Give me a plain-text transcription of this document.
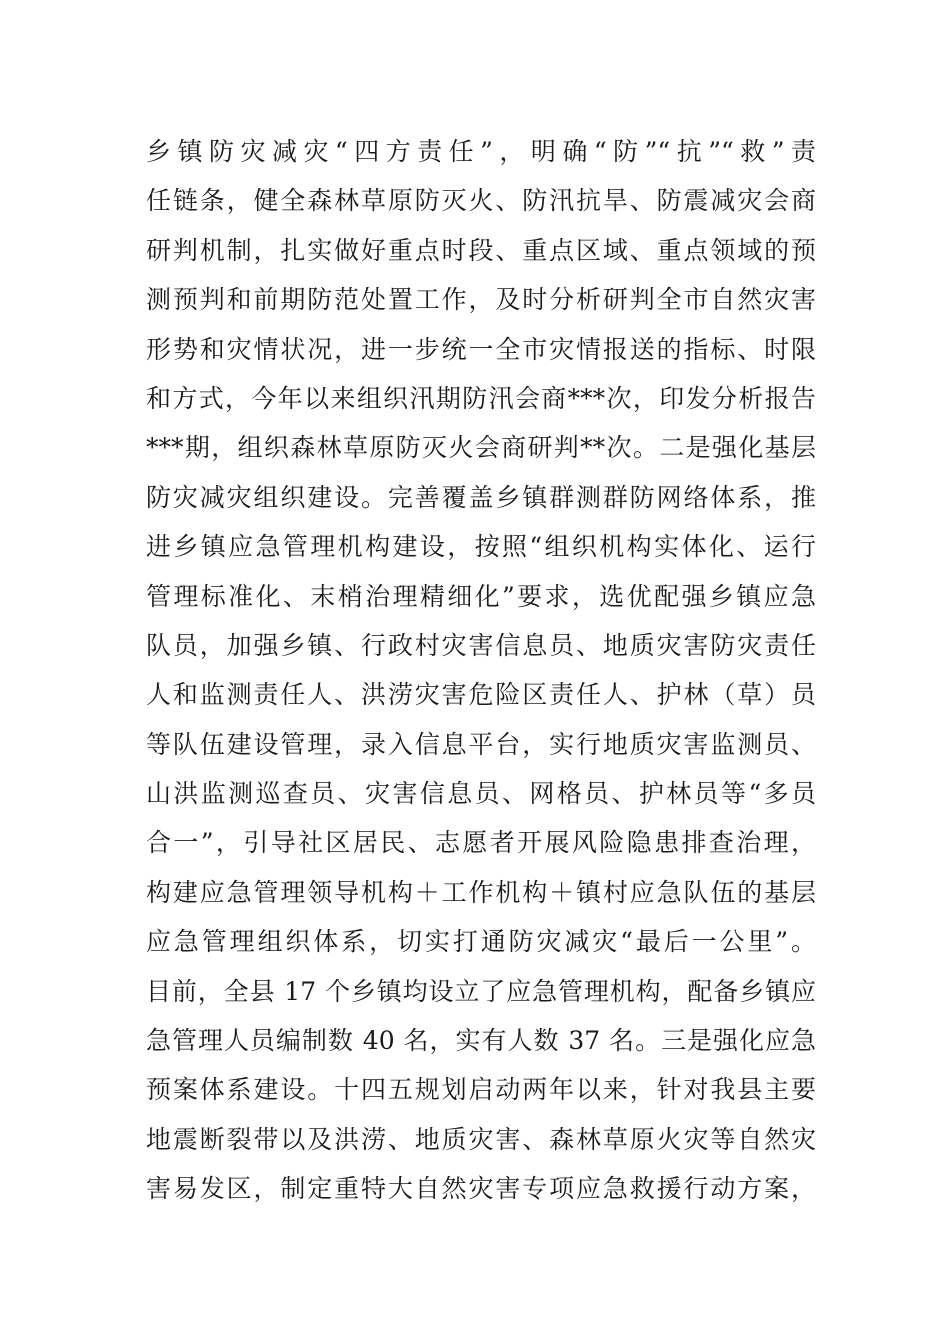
乡镇防灾减灾“四方责任”，明确“防”“抗”“救”责
任链条，健全森林草原防灭火、防汛抗旱、防震减灾会商
研判机制，扎实做好重点时段、重点区域、重点领域的预
测预判和前期防范处置工作，及时分析研判全市自然灾害
形势和灾情状况，进一步统一全市灾情报送的指标、时限
和方式，今年以来组织汛期防汛会商***次，印发分析报告
***期，组织森林草原防灭火会商研判**次。二是强化基层
防灾减灾组织建设。完善覆盖乡镇群测群防网络体系，推
进乡镇应急管理机构建设，按照“组织机构实体化、运行
管理标准化、末梢治理精细化”要求，选优配强乡镇应急
队员，加强乡镇、行政村灾害信息员、地质灾害防灾责任
人和监测责任人、洪涝灾害危险区责任人、护林（草）员
等队伍建设管理，录入信息平台，实行地质灾害监测员、
山洪监测巡查员、灾害信息员、网格员、护林员等“多员
合一”，引导社区居民、志愿者开展风险隐患排查治理，
构建应急管理领导机构＋工作机构＋镇村应急队伍的基层
应急管理组织体系，切实打通防灾减灾“最后一公里”。
目前，全县 17 个乡镇均设立了应急管理机构，配备乡镇应
急管理人员编制数 40 名，实有人数 37 名。三是强化应急
预案体系建设。十四五规划启动两年以来，针对我县主要
地震断裂带以及洪涝、地质灾害、森林草原火灾等自然灾
害易发区，制定重特大自然灾害专项应急救援行动方案，
